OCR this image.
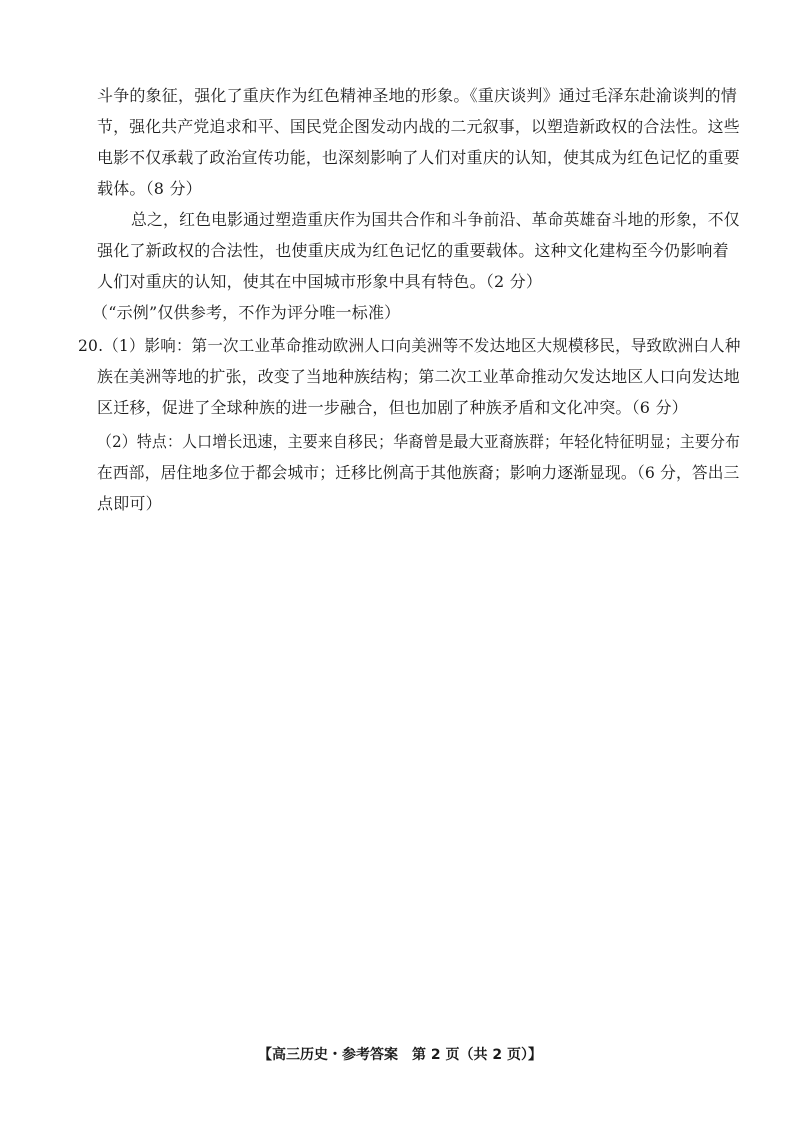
斗争的象征，强化了重庆作为红色精神圣地的形象。《重庆谈判》通过毛泽东赴渝谈判的情
节，强化共产党追求和平、国民党企图发动内战的二元叙事，以塑造新政权的合法性。这些
电影不仅承载了政治宣传功能，也深刻影响了人们对重庆的认知，使其成为红色记忆的重要
载体。（8 分）
总之，红色电影通过塑造重庆作为国共合作和斗争前沿、革命英雄奋斗地的形象，不仅
强化了新政权的合法性，也使重庆成为红色记忆的重要载体。这种文化建构至今仍影响着
人们对重庆的认知，使其在中国城市形象中具有特色。（2 分）
（“示例”仅供参考，不作为评分唯一标准）
20.（1）影响：第一次工业革命推动欧洲人口向美洲等不发达地区大规模移民，导致欧洲白人种
族在美洲等地的扩张，改变了当地种族结构；第二次工业革命推动欠发达地区人口向发达地
区迁移，促进了全球种族的进一步融合，但也加剧了种族矛盾和文化冲突。（6 分）
（2）特点：人口增长迅速，主要来自移民；华裔曾是最大亚裔族群；年轻化特征明显；主要分布
在西部，居住地多位于都会城市；迁移比例高于其他族裔；影响力逐渐显现。（6 分，答出三
点即可）
【高三历史・参考答案　第 2 页（共 2 页）】
